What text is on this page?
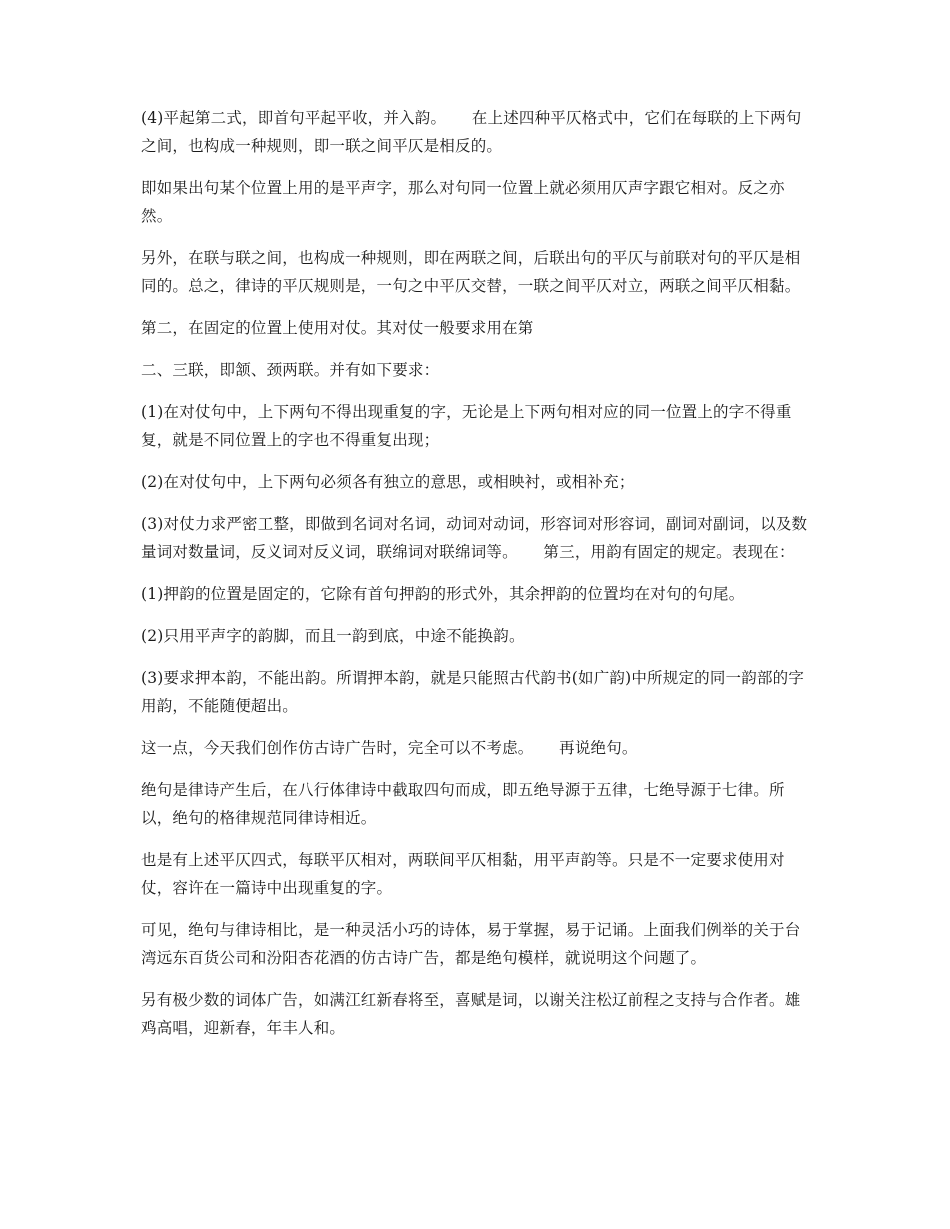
(4)平起第二式，即首句平起平收，并入韵。     在上述四种平仄格式中，它们在每联的上下两句之间，也构成一种规则，即一联之间平仄是相反的。

即如果出句某个位置上用的是平声字，那么对句同一位置上就必须用仄声字跟它相对。反之亦然。

另外，在联与联之间，也构成一种规则，即在两联之间，后联出句的平仄与前联对句的平仄是相同的。总之，律诗的平仄规则是，一句之中平仄交替，一联之间平仄对立，两联之间平仄相黏。

第二，在固定的位置上使用对仗。其对仗一般要求用在第

二、三联，即颔、颈两联。并有如下要求：

(1)在对仗句中，上下两句不得出现重复的字，无论是上下两句相对应的同一位置上的字不得重复，就是不同位置上的字也不得重复出现；

(2)在对仗句中，上下两句必须各有独立的意思，或相映衬，或相补充；

(3)对仗力求严密工整，即做到名词对名词，动词对动词，形容词对形容词，副词对副词，以及数量词对数量词，反义词对反义词，联绵词对联绵词等。     第三，用韵有固定的规定。表现在：

(1)押韵的位置是固定的，它除有首句押韵的形式外，其余押韵的位置均在对句的句尾。

(2)只用平声字的韵脚，而且一韵到底，中途不能换韵。

(3)要求押本韵，不能出韵。所谓押本韵，就是只能照古代韵书(如广韵)中所规定的同一韵部的字用韵，不能随便超出。

这一点，今天我们创作仿古诗广告时，完全可以不考虑。     再说绝句。

绝句是律诗产生后，在八行体律诗中截取四句而成，即五绝导源于五律，七绝导源于七律。所以，绝句的格律规范同律诗相近。

也是有上述平仄四式，每联平仄相对，两联间平仄相黏，用平声韵等。只是不一定要求使用对仗，容许在一篇诗中出现重复的字。

可见，绝句与律诗相比，是一种灵活小巧的诗体，易于掌握，易于记诵。上面我们例举的关于台湾远东百货公司和汾阳杏花酒的仿古诗广告，都是绝句模样，就说明这个问题了。

另有极少数的词体广告，如满江红新春将至，喜赋是词，以谢关注松辽前程之支持与合作者。雄鸡高唱，迎新春，年丰人和。
